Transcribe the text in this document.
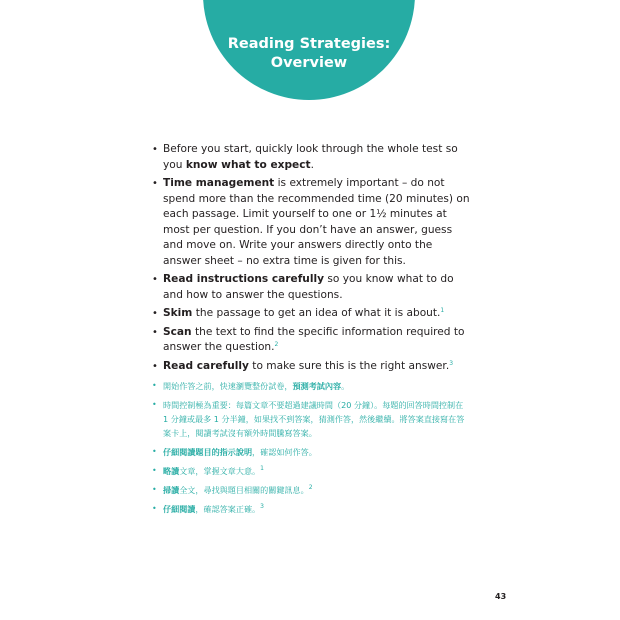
Reading Strategies:
Overview
• Before you start, quickly look through the whole test so you know what to expect.
• Time management is extremely important – do not spend more than the recommended time (20 minutes) on each passage. Limit yourself to one or 1½ minutes at most per question. If you don’t have an answer, guess and move on. Write your answers directly onto the answer sheet – no extra time is given for this.
• Read instructions carefully so you know what to do and how to answer the questions.
• Skim the passage to get an idea of what it is about.$^1$
• Scan the text to find the specific information required to answer the question.$^2$
• Read carefully to make sure this is the right answer.$^3$
• 開始作答之前，快速瀏覽整份試卷，預測考試內容。
• 時間控制極為重要：每篇文章不要超過建議時間（20 分鐘）。每題的回答時間控制在 1 分鐘或最多 1 分半鐘，如果找不到答案，猜測作答，然後繼續。將答案直接寫在答案卡上，閱讀考試沒有額外時間騰寫答案。
• 仔細閱讀題目的指示說明，確認如何作答。
• 略讀文章，掌握文章大意。$^1$
• 掃讀全文，尋找與題目相關的關鍵訊息。$^2$
• 仔細閱讀，確認答案正確。$^3$
43
